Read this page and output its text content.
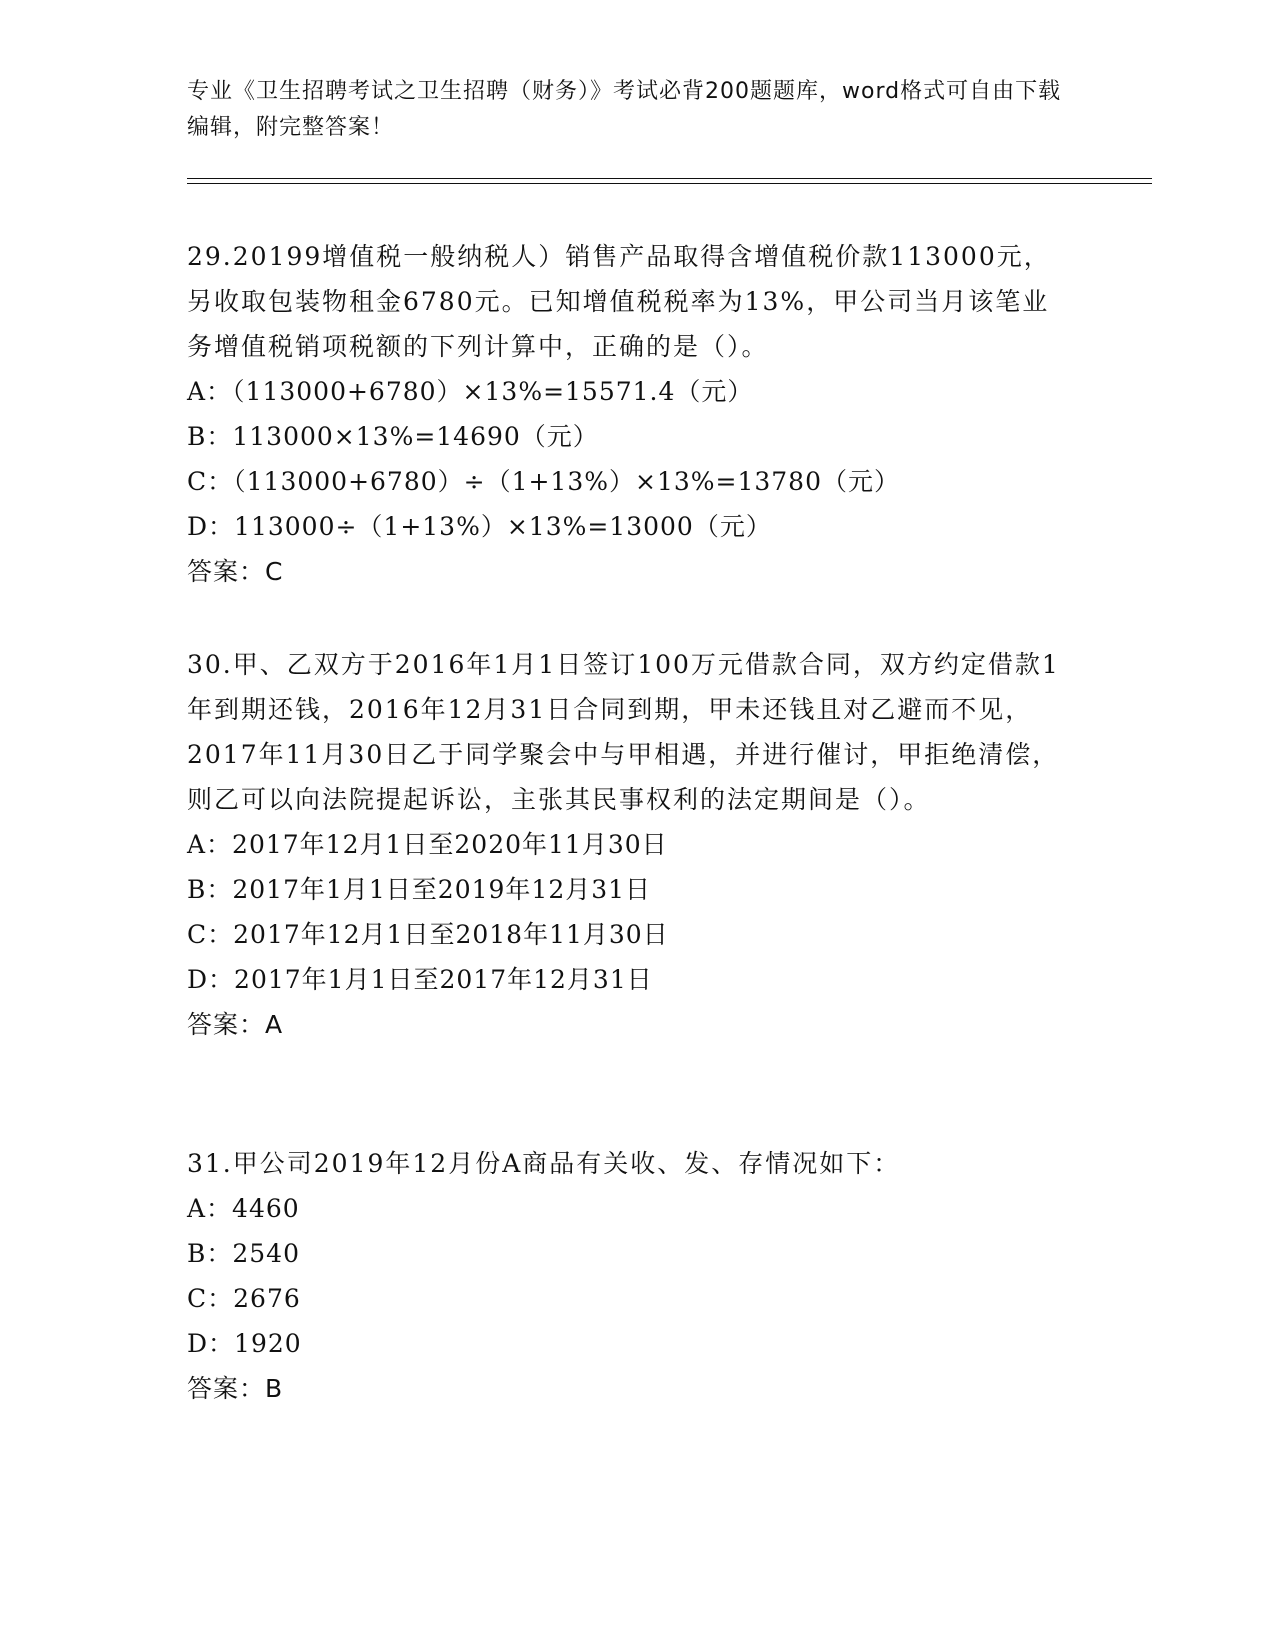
专业《卫生招聘考试之卫生招聘（财务）》考试必背200题题库，word格式可自由下载编辑，附完整答案！

29.20199增值税一般纳税人）销售产品取得含增值税价款113000元，另收取包装物租金6780元。已知增值税税率为13%，甲公司当月该笔业务增值税销项税额的下列计算中，正确的是（）。

A：（113000+6780）×13%=15571.4（元）
B：113000×13%=14690（元）
C：（113000+6780）÷（1+13%）×13%=13780（元）
D：113000÷（1+13%）×13%=13000（元）
答案：C

30.甲、乙双方于2016年1月1日签订100万元借款合同，双方约定借款1年到期还钱，2016年12月31日合同到期，甲未还钱且对乙避而不见，2017年11月30日乙于同学聚会中与甲相遇，并进行催讨，甲拒绝清偿，则乙可以向法院提起诉讼，主张其民事权利的法定期间是（）。

A：2017年12月1日至2020年11月30日
B：2017年1月1日至2019年12月31日
C：2017年12月1日至2018年11月30日
D：2017年1月1日至2017年12月31日
答案：A

31.甲公司2019年12月份A商品有关收、发、存情况如下：

A：4460
B：2540
C：2676
D：1920
答案：B
